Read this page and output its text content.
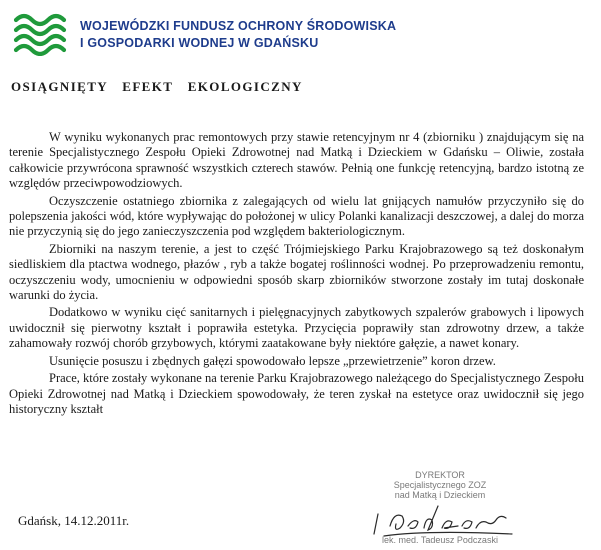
WOJEWÓDZKI FUNDUSZ OCHRONY ŚRODOWISKA
I GOSPODARKI WODNEJ W GDAŃSKU
OSIĄGNIĘTY EFEKT EKOLOGICZNY

W wyniku wykonanych prac remontowych przy stawie retencyjnym nr 4 (zbiorniku ) znajdującym się na terenie Specjalistycznego Zespołu Opieki Zdrowotnej nad Matką i Dzieckiem w Gdańsku – Oliwie, została całkowicie przywrócona sprawność wszystkich czterech stawów. Pełnią one funkcję retencyjną, bardzo istotną ze względów przeciwpowodziowych.

Oczyszczenie ostatniego zbiornika z zalegających od wielu lat gnijących namułów przyczyniło się do polepszenia jakości wód, które wypływając do położonej w ulicy Polanki kanalizacji deszczowej, a dalej do morza nie przyczynią się do jego zanieczyszczenia pod względem bakteriologicznym.

Zbiorniki na naszym terenie, a jest to część Trójmiejskiego Parku Krajobrazowego są też doskonałym siedliskiem dla ptactwa wodnego, płazów , ryb a także bogatej roślinności wodnej. Po przeprowadzeniu remontu, oczyszczeniu wody, umocnieniu w odpowiedni sposób skarp zbiorników stworzone zostały im tutaj doskonałe warunki do życia.

Dodatkowo w wyniku cięć sanitarnych i pielęgnacyjnych zabytkowych szpalerów grabowych i lipowych uwidocznił się pierwotny kształt i poprawiła estetyka. Przycięcia poprawiły stan zdrowotny drzew, a także zahamowały rozwój chorób grzybowych, którymi zaatakowane były niektóre gałęzie, a nawet konary.

Usunięcie posuszu i zbędnych gałęzi spowodowało lepsze „przewietrzenie” koron drzew.

Prace, które zostały wykonane na terenie Parku Krajobrazowego należącego do Specjalistycznego Zespołu Opieki Zdrowotnej nad Matką i Dzieckiem spowodowały, że teren zyskał na estetyce oraz uwidocznił się jego historyczny kształt

DYREKTOR
Specjalistycznego ZOZ
nad Matką i Dzieckiem
lek. med. Tadeusz Podczaski
Gdańsk, 14.12.2011r.
